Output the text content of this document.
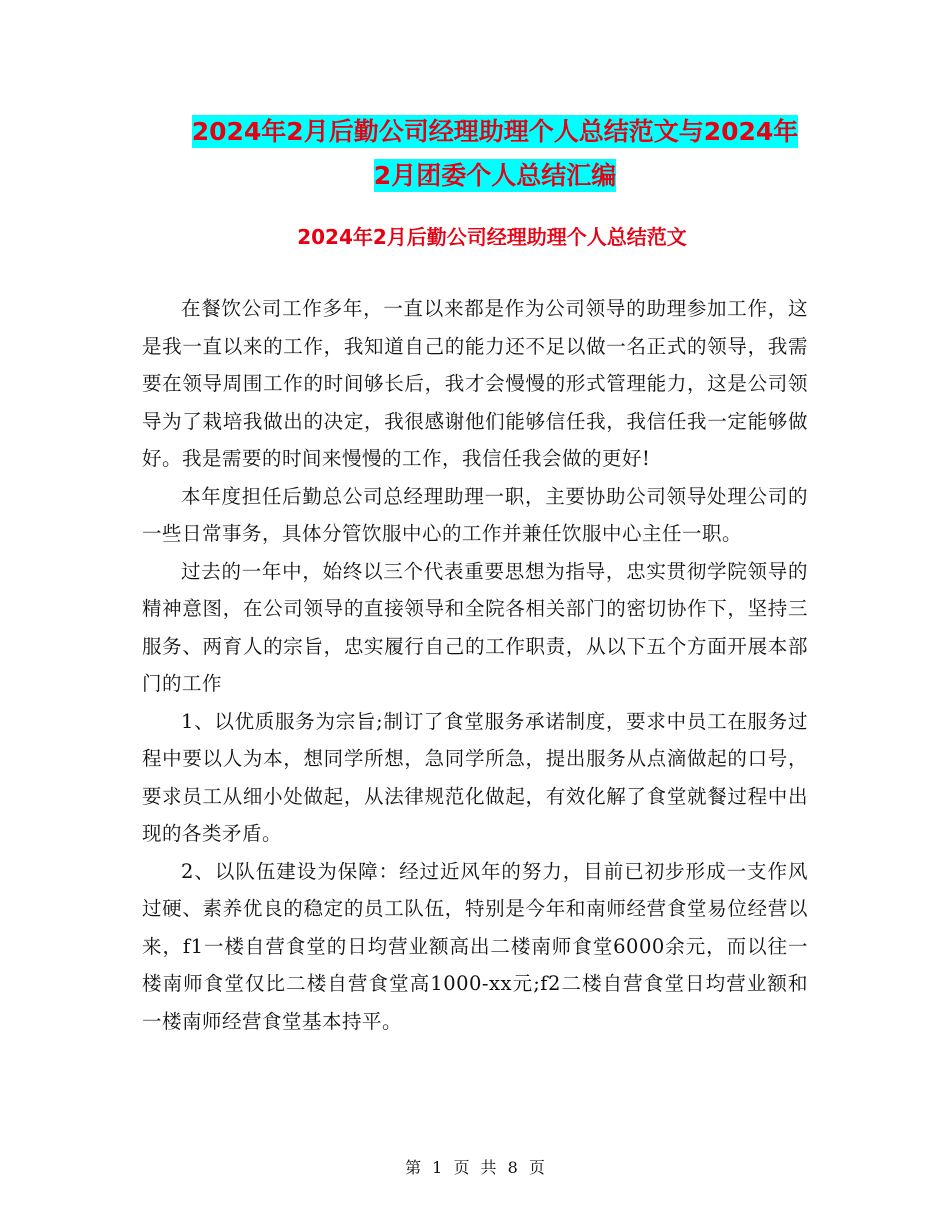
2024年2月后勤公司经理助理个人总结范文与2024年
2月团委个人总结汇编
2024年2月后勤公司经理助理个人总结范文

在餐饮公司工作多年，一直以来都是作为公司领导的助理参加工作，这是我一直以来的工作，我知道自己的能力还不足以做一名正式的领导，我需要在领导周围工作的时间够长后，我才会慢慢的形式管理能力，这是公司领导为了栽培我做出的决定，我很感谢他们能够信任我，我信任我一定能够做好。我是需要的时间来慢慢的工作，我信任我会做的更好!

本年度担任后勤总公司总经理助理一职，主要协助公司领导处理公司的一些日常事务，具体分管饮服中心的工作并兼任饮服中心主任一职。

过去的一年中，始终以三个代表重要思想为指导，忠实贯彻学院领导的精神意图，在公司领导的直接领导和全院各相关部门的密切协作下，坚持三服务、两育人的宗旨，忠实履行自己的工作职责，从以下五个方面开展本部门的工作

1、以优质服务为宗旨;制订了食堂服务承诺制度，要求中员工在服务过程中要以人为本，想同学所想，急同学所急，提出服务从点滴做起的口号，要求员工从细小处做起，从法律规范化做起，有效化解了食堂就餐过程中出现的各类矛盾。

2、以队伍建设为保障：经过近风年的努力，目前已初步形成一支作风过硬、素养优良的稳定的员工队伍，特别是今年和南师经营食堂易位经营以来，f1一楼自营食堂的日均营业额高出二楼南师食堂6000余元，而以往一楼南师食堂仅比二楼自营食堂高1000-xx元;f2二楼自营食堂日均营业额和一楼南师经营食堂基本持平。

第 1 页 共 8 页
